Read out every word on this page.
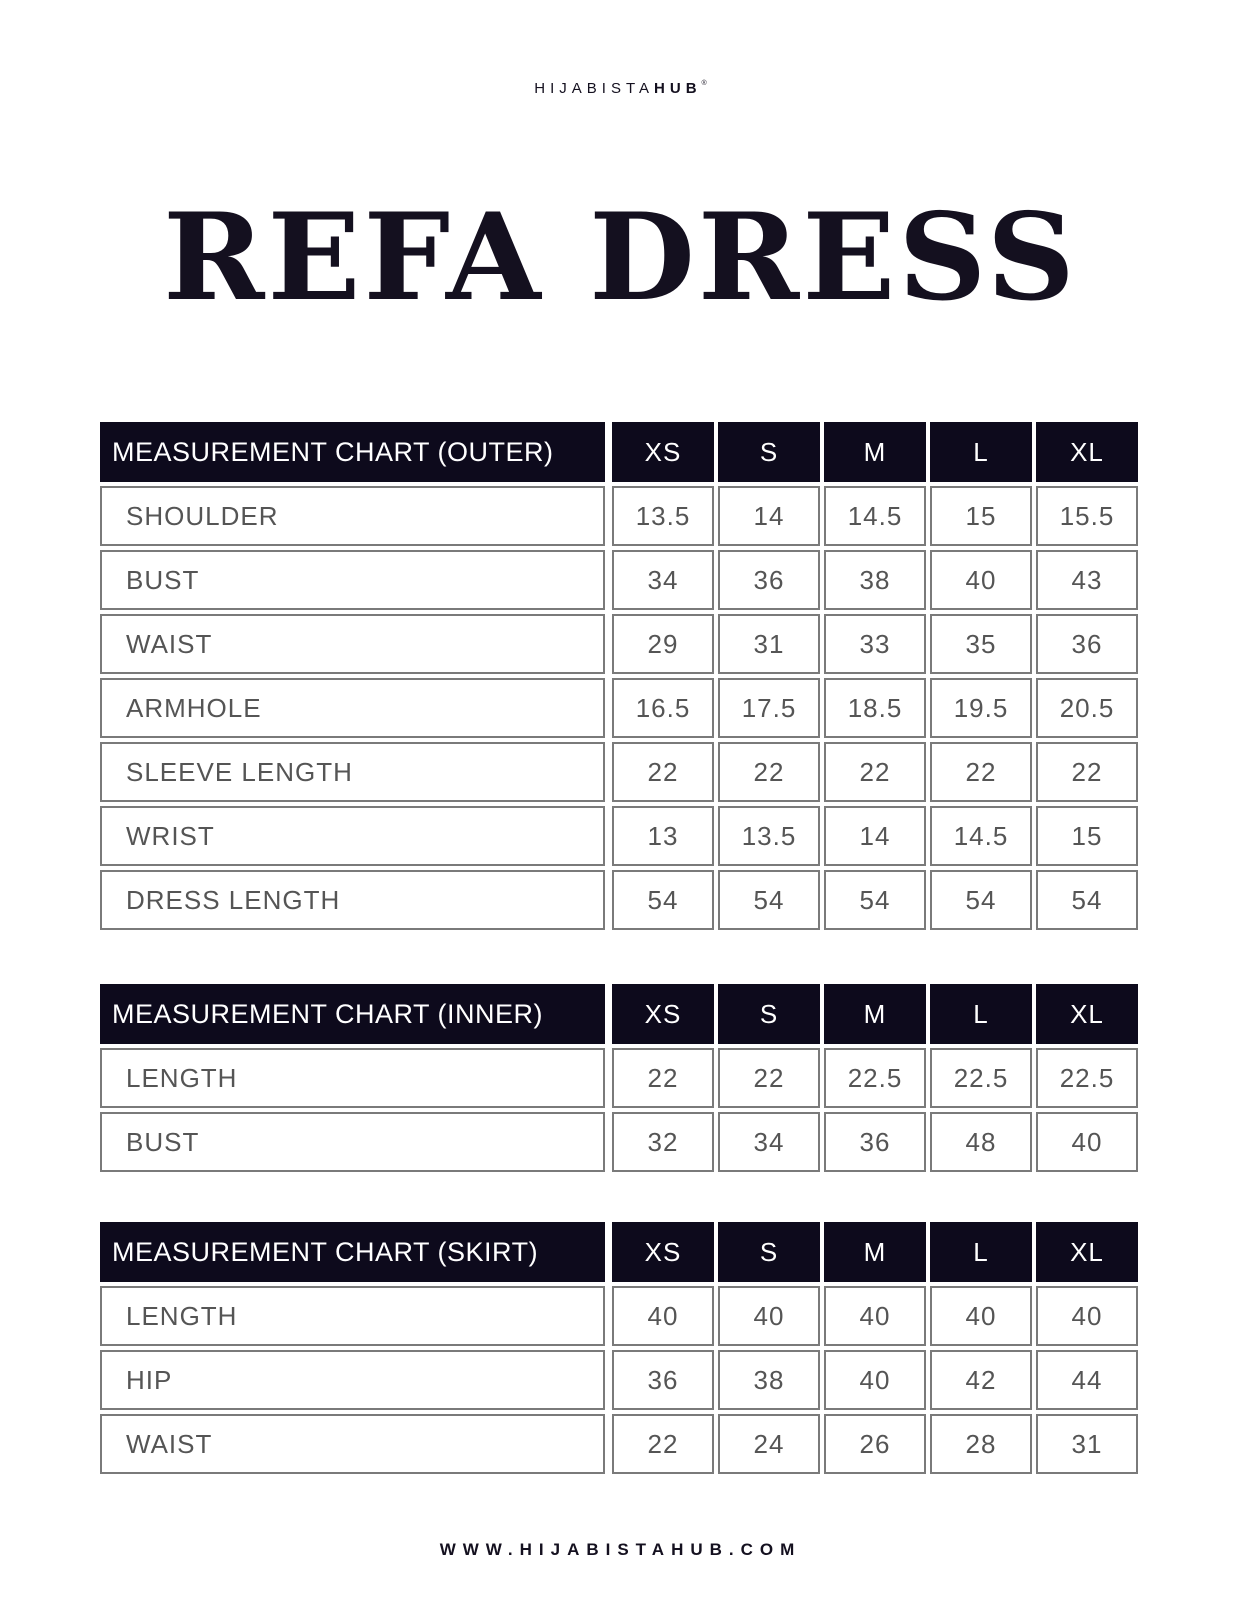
HIJABISTAHUB®
REFA DRESS
MEASUREMENT CHART (OUTER)	XS	S	M	L	XL
SHOULDER	13.5	14	14.5	15	15.5
BUST	34	36	38	40	43
WAIST	29	31	33	35	36
ARMHOLE	16.5	17.5	18.5	19.5	20.5
SLEEVE LENGTH	22	22	22	22	22
WRIST	13	13.5	14	14.5	15
DRESS LENGTH	54	54	54	54	54
MEASUREMENT CHART (INNER)	XS	S	M	L	XL
LENGTH	22	22	22.5	22.5	22.5
BUST	32	34	36	48	40
MEASUREMENT CHART (SKIRT)	XS	S	M	L	XL
LENGTH	40	40	40	40	40
HIP	36	38	40	42	44
WAIST	22	24	26	28	31
WWW.HIJABISTAHUB.COM
